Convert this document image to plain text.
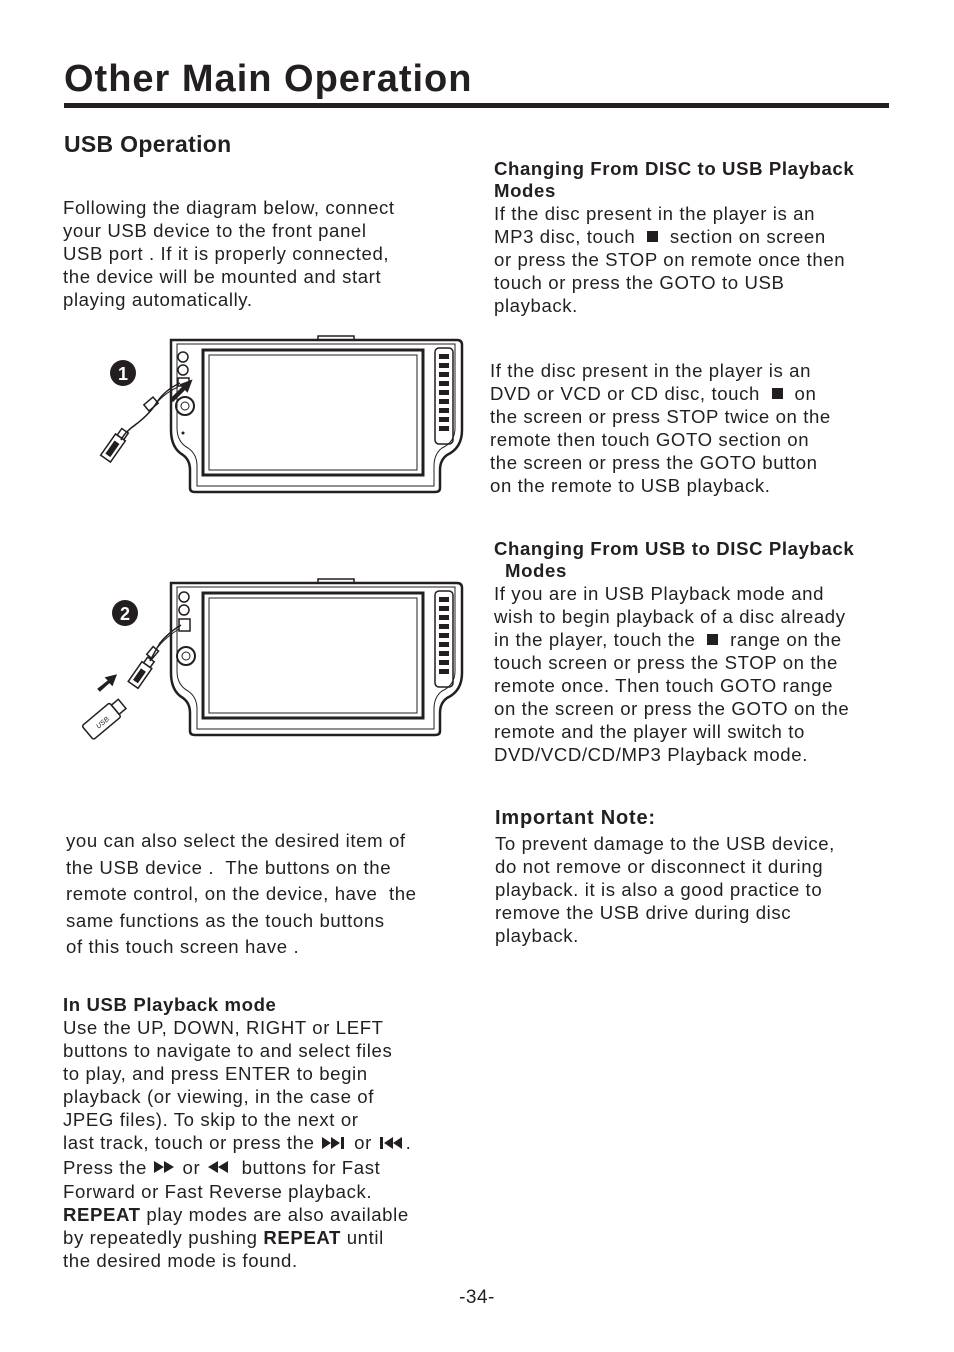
Other Main Operation
USB Operation
Following the diagram below, connect
your USB device to the front panel
USB port . If it is properly connected,
the device will be mounted and start
playing automatically.
1
2
USB
you can also select the desired item of
the USB device .  The buttons on the
remote control, on the device, have  the
same functions as the touch buttons
of this touch screen have .
In USB Playback mode
Use the UP, DOWN, RIGHT or LEFT
buttons to navigate to and select files
to play, and press ENTER to begin
playback (or viewing, in the case of
JPEG files). To skip to the next or
last track, touch or press the or .
Press the or buttons for Fast
Forward or Fast Reverse playback.
REPEAT play modes are also available
by repeatedly pushing REPEAT until
the desired mode is found.
Changing From DISC to USB Playback
Modes
If the disc present in the player is an
MP3 disc, touch section on screen
or press the STOP on remote once then
touch or press the GOTO to USB
playback.
If the disc present in the player is an
DVD or VCD or CD disc, touch on
the screen or press STOP twice on the
remote then touch GOTO section on
the screen or press the GOTO button
on the remote to USB playback.
Changing From USB to DISC Playback
Modes
If you are in USB Playback mode and
wish to begin playback of a disc already
in the player, touch the range on the
touch screen or press the STOP on the
remote once. Then touch GOTO range
on the screen or press the GOTO on the
remote and the player will switch to
DVD/VCD/CD/MP3 Playback mode.
Important Note:
To prevent damage to the USB device,
do not remove or disconnect it during
playback. it is also a good practice to
remove the USB drive during disc
playback.
-34-
